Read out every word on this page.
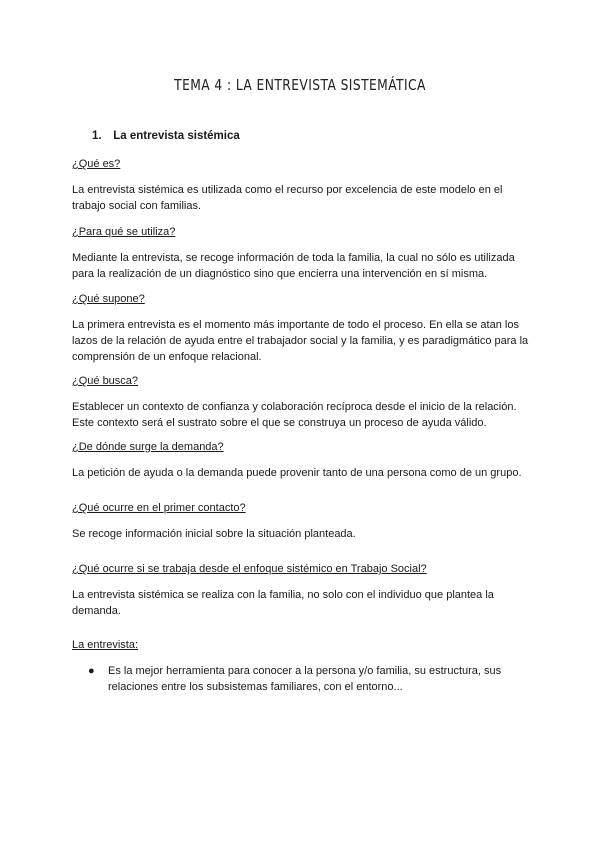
TEMA 4 : LA ENTREVISTA SISTEMÁTICA
1. La entrevista sistémica

¿Qué es?

La entrevista sistémica es utilizada como el recurso por excelencia de este modelo en el trabajo social con familias.

¿Para qué se utiliza?

Mediante la entrevista, se recoge información de toda la familia, la cual no sólo es utilizada para la realización de un diagnóstico sino que encierra una intervención en sí misma.

¿Qué supone?

La primera entrevista es el momento más importante de todo el proceso. En ella se atan los lazos de la relación de ayuda entre el trabajador social y la familia, y es paradigmático para la comprensión de un enfoque relacional.

¿Qué busca?

Establecer un contexto de confianza y colaboración recíproca desde el inicio de la relación. Este contexto será el sustrato sobre el que se construya un proceso de ayuda válido.

¿De dónde surge la demanda?

La petición de ayuda o la demanda puede provenir tanto de una persona como de un grupo.

¿Qué ocurre en el primer contacto?

Se recoge información inicial sobre la situación planteada.

¿Qué ocurre si se trabaja desde el enfoque sistémico en Trabajo Social?

La entrevista sistémica se realiza con la familia, no solo con el individuo que plantea la demanda.

La entrevista:

● Es la mejor herramienta para conocer a la persona y/o familia, su estructura, sus relaciones entre los subsistemas familiares, con el entorno...
